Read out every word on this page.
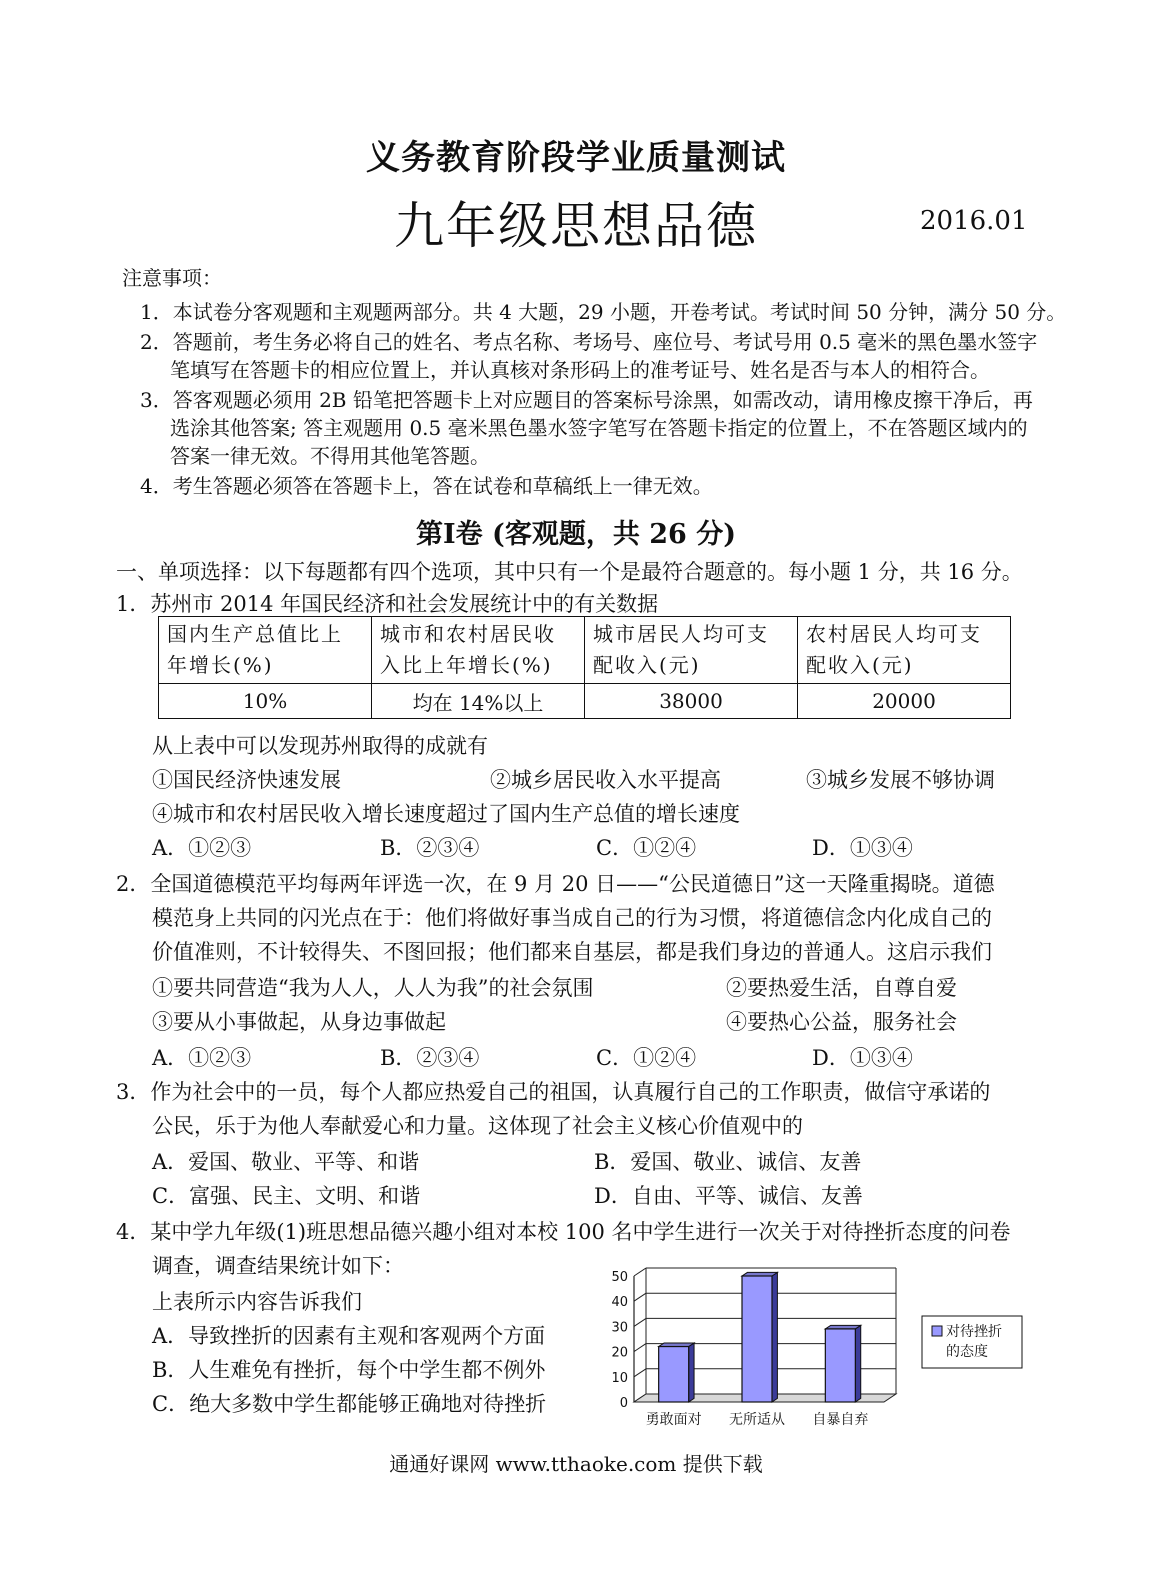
义务教育阶段学业质量测试
九年级思想品德	2016.01
注意事项：
1．本试卷分客观题和主观题两部分。共 4 大题，29 小题，开卷考试。考试时间 50 分钟，满分 50 分。
2．答题前，考生务必将自己的姓名、考点名称、考场号、座位号、考试号用 0.5 毫米的黑色墨水签字
笔填写在答题卡的相应位置上，并认真核对条形码上的准考证号、姓名是否与本人的相符合。
3．答客观题必须用 2B 铅笔把答题卡上对应题目的答案标号涂黑，如需改动，请用橡皮擦干净后，再
选涂其他答案; 答主观题用 0.5 毫米黑色墨水签字笔写在答题卡指定的位置上，不在答题区域内的
答案一律无效。不得用其他笔答题。
4．考生答题必须答在答题卡上，答在试卷和草稿纸上一律无效。
第Ⅰ卷 (客观题，共 26 分)
一、单项选择：以下每题都有四个选项，其中只有一个是最符合题意的。每小题 1 分，共 16 分。
1．苏州市 2014 年国民经济和社会发展统计中的有关数据
国内生产总值比上年增长(%)	城市和农村居民收入比上年增长(%)	城市居民人均可支配收入(元)	农村居民人均可支配收入(元)
10%	均在 14%以上	38000	20000
从上表中可以发现苏州取得的成就有
①国民经济快速发展	②城乡居民收入水平提高	③城乡发展不够协调
④城市和农村居民收入增长速度超过了国内生产总值的增长速度
A．①②③	B．②③④	C．①②④	D．①③④
2．全国道德模范平均每两年评选一次，在 9 月 20 日——“公民道德日”这一天隆重揭晓。道德
模范身上共同的闪光点在于：他们将做好事当成自己的行为习惯，将道德信念内化成自己的
价值准则，不计较得失、不图回报；他们都来自基层，都是我们身边的普通人。这启示我们
①要共同营造“我为人人，人人为我”的社会氛围	②要热爱生活，自尊自爱
③要从小事做起，从身边事做起	④要热心公益，服务社会
A．①②③	B．②③④	C．①②④	D．①③④
3．作为社会中的一员，每个人都应热爱自己的祖国，认真履行自己的工作职责，做信守承诺的
公民，乐于为他人奉献爱心和力量。这体现了社会主义核心价值观中的
A．爱国、敬业、平等、和谐	B．爱国、敬业、诚信、友善
C．富强、民主、文明、和谐	D．自由、平等、诚信、友善
4．某中学九年级(1)班思想品德兴趣小组对本校 100 名中学生进行一次关于对待挫折态度的问卷
调查，调查结果统计如下：
上表所示内容告诉我们
A．导致挫折的因素有主观和客观两个方面
B．人生难免有挫折，每个中学生都不例外
C．绝大多数中学生都能够正确地对待挫折	0
10
20
30
40
50
勇敢面对 无所适从 自暴自弃
对待挫折
的态度
通通好课网 www.tthaoke.com 提供下载
